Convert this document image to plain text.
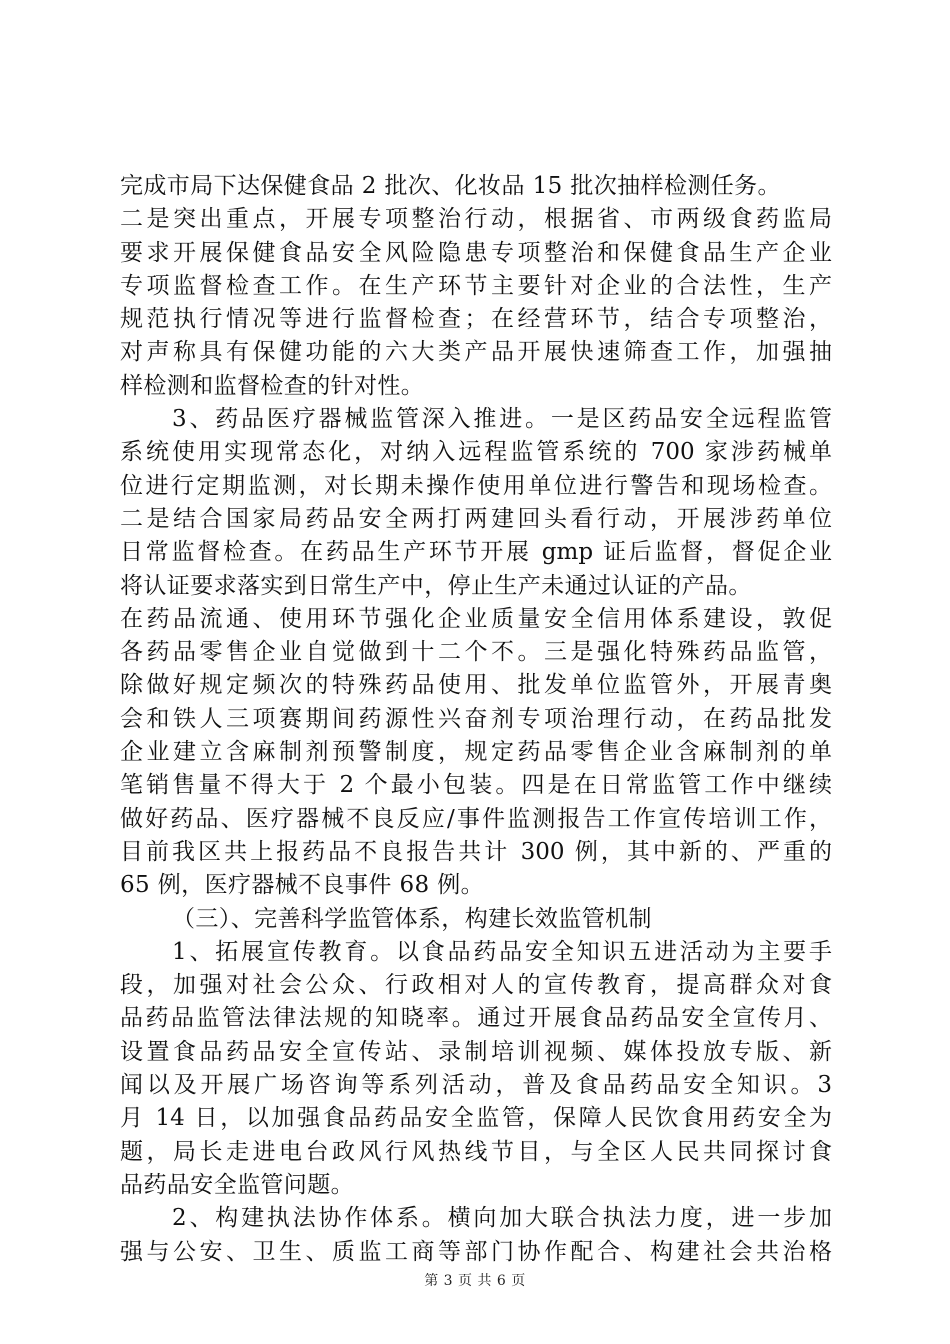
完成市局下达保健食品 2 批次、化妆品 15 批次抽样检测任务。
二是突出重点，开展专项整治行动，根据省、市两级食药监局
要求开展保健食品安全风险隐患专项整治和保健食品生产企业
专项监督检查工作。在生产环节主要针对企业的合法性，生产
规范执行情况等进行监督检查；在经营环节，结合专项整治，
对声称具有保健功能的六大类产品开展快速筛查工作，加强抽
样检测和监督检查的针对性。
3、药品医疗器械监管深入推进。一是区药品安全远程监管
系统使用实现常态化，对纳入远程监管系统的 700 家涉药械单
位进行定期监测，对长期未操作使用单位进行警告和现场检查。
二是结合国家局药品安全两打两建回头看行动，开展涉药单位
日常监督检查。在药品生产环节开展 gmp 证后监督，督促企业
将认证要求落实到日常生产中，停止生产未通过认证的产品。
在药品流通、使用环节强化企业质量安全信用体系建设，敦促
各药品零售企业自觉做到十二个不。三是强化特殊药品监管，
除做好规定频次的特殊药品使用、批发单位监管外，开展青奥
会和铁人三项赛期间药源性兴奋剂专项治理行动，在药品批发
企业建立含麻制剂预警制度，规定药品零售企业含麻制剂的单
笔销售量不得大于 2 个最小包装。四是在日常监管工作中继续
做好药品、医疗器械不良反应/事件监测报告工作宣传培训工作，
目前我区共上报药品不良报告共计 300 例，其中新的、严重的
65 例，医疗器械不良事件 68 例。
（三）、完善科学监管体系，构建长效监管机制
1、拓展宣传教育。以食品药品安全知识五进活动为主要手
段，加强对社会公众、行政相对人的宣传教育，提高群众对食
品药品监管法律法规的知晓率。通过开展食品药品安全宣传月、
设置食品药品安全宣传站、录制培训视频、媒体投放专版、新
闻以及开展广场咨询等系列活动，普及食品药品安全知识。3
月 14 日，以加强食品药品安全监管，保障人民饮食用药安全为
题，局长走进电台政风行风热线节目，与全区人民共同探讨食
品药品安全监管问题。
2、构建执法协作体系。横向加大联合执法力度，进一步加
强与公安、卫生、质监工商等部门协作配合、构建社会共治格
第 3 页 共 6 页
